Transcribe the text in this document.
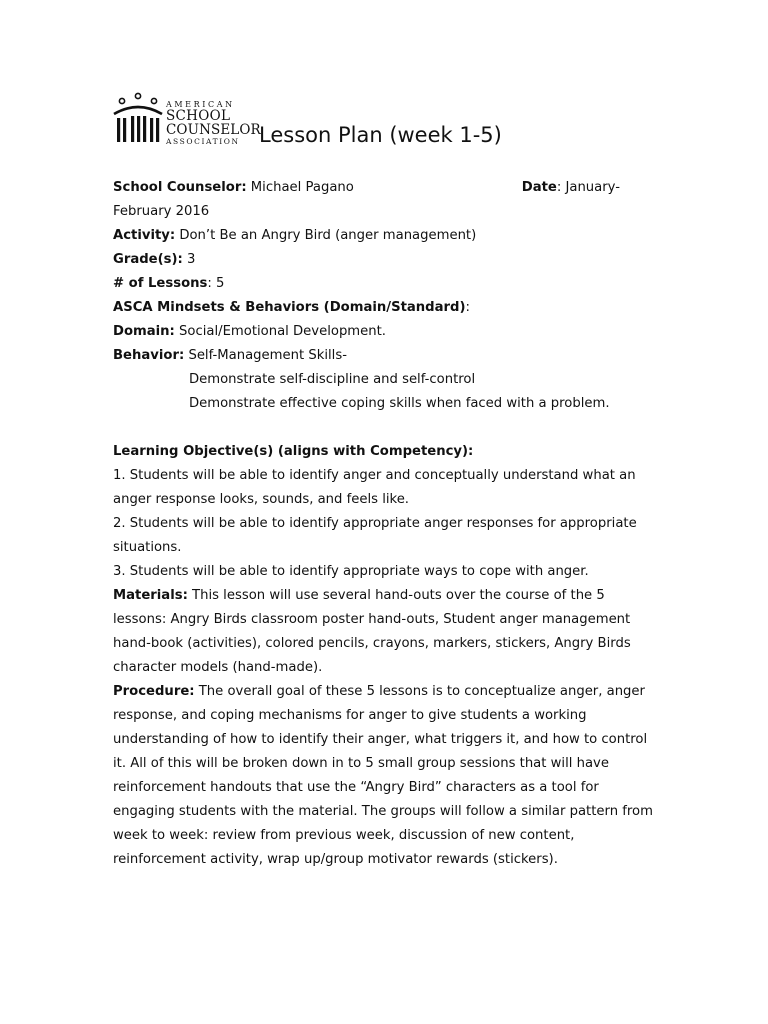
AMERICAN
SCHOOL
COUNSELOR
ASSOCIATION Lesson Plan (week 1-5)
School Counselor: Michael Pagano	Date: January-
February 2016
Activity: Don’t Be an Angry Bird (anger management)
Grade(s): 3
# of Lessons: 5
ASCA Mindsets & Behaviors (Domain/Standard):
Domain: Social/Emotional Development.
Behavior: Self-Management Skills-
Demonstrate self-discipline and self-control
Demonstrate effective coping skills when faced with a problem.
Learning Objective(s) (aligns with Competency):
1. Students will be able to identify anger and conceptually understand what an
anger response looks, sounds, and feels like.
2. Students will be able to identify appropriate anger responses for appropriate
situations.
3. Students will be able to identify appropriate ways to cope with anger.
Materials: This lesson will use several hand-outs over the course of the 5
lessons: Angry Birds classroom poster hand-outs, Student anger management
hand-book (activities), colored pencils, crayons, markers, stickers, Angry Birds
character models (hand-made).
Procedure: The overall goal of these 5 lessons is to conceptualize anger, anger
response, and coping mechanisms for anger to give students a working
understanding of how to identify their anger, what triggers it, and how to control
it. All of this will be broken down in to 5 small group sessions that will have
reinforcement handouts that use the “Angry Bird” characters as a tool for
engaging students with the material. The groups will follow a similar pattern from
week to week: review from previous week, discussion of new content,
reinforcement activity, wrap up/group motivator rewards (stickers).
